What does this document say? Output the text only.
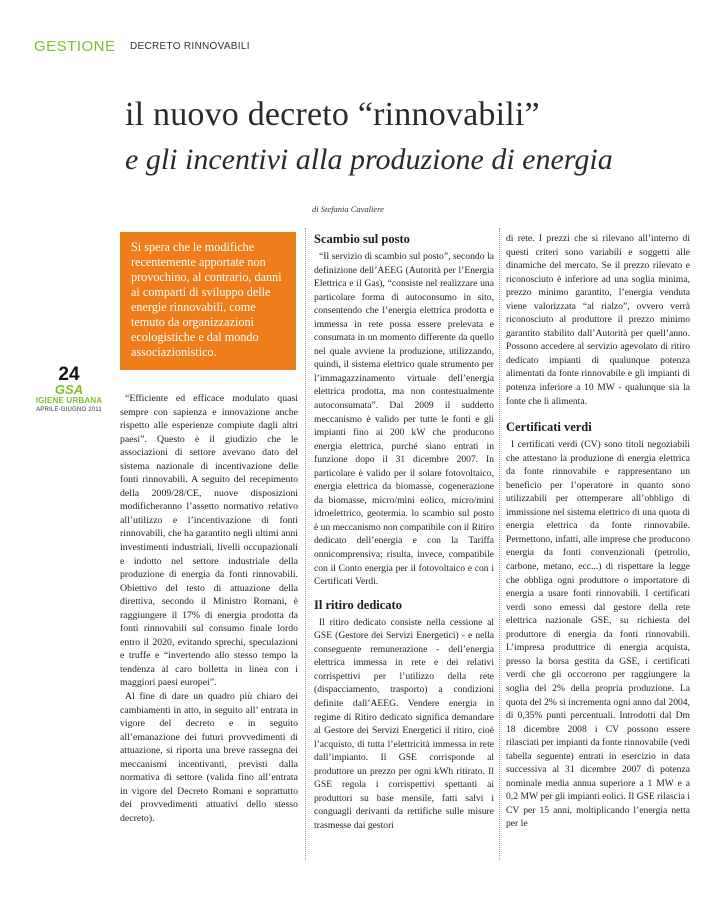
GESTIONE DECRETO RINNOVABILI
il nuovo decreto “rinnovabili”
e gli incentivi alla produzione di energia
di Stefania Cavaliere

Si spera che le modifiche recentemente apportate non provochino, al contrario, danni ai comparti di sviluppo delle energie rinnovabili, come temuto da organizzazioni ecologistiche e dal mondo associazionistico.

24
GSA
IGIENE URBANA
APRILE-GIUGNO 2011

“Efficiente ed efficace modulato quasi sempre con sapienza e innovazione anche rispetto alle esperienze compiute dagli altri paesi”. Questo è il giudizio che le associazioni di settore avevano dato del sistema nazionale di incentivazione delle fonti rinnovabili. A seguito del recepimento della 2009/28/CE, nuove disposizioni modificheranno l’assetto normativo relativo all’utilizzo e l’incentivazione di fonti rinnovabili, che ha garantito negli ultimi anni investimenti industriali, livelli occupazionali e indotto nel settore industriale della produzione di energia da fonti rinnovabili. Obiettivo del testo di attuazione della direttiva, secondo il Ministro Romani, è raggiungere il 17% di energia prodotta da fonti rinnovabili sul consumo finale lordo entro il 2020, evitando sprechi, speculazioni e truffe e “invertendo allo stesso tempo la tendenza al caro bolletta in linea con i maggiori paesi europei”.

Al fine di dare un quadro più chiaro dei cambiamenti in atto, in seguito all’ entrata in vigore del decreto e in seguito all’emanazione dei futuri provvedimenti di attuazione, si riporta una breve rassegna dei meccanismi incentivanti, previsti dalla normativa di settore (valida fino all’entrata in vigore del Decreto Romani e soprattutto dei provvedimenti attuativi dello stesso decreto).

Scambio sul posto

“Il servizio di scambio sul posto”, secondo la definizione dell’AEEG (Autorità per l’Energia Elettrica e il Gas), “consiste nel realizzare una particolare forma di autoconsumo in sito, consentendo che l’energia elettrica prodotta e immessa in rete possa essere prelevata e consumata in un momento differente da quello nel quale avviene la produzione, utilizzando, quindi, il sistema elettrico quale strumento per l’immagazzinamento virtuale dell’energia elettrica prodotta, ma non contestualmente autoconsumata”. Dal 2009 il suddetto meccanismo è valido per tutte le fonti e gli impianti fino ai 200 kW che producono energia elettrica, purché siano entrati in funzione dopo il 31 dicembre 2007. In particolare è valido per il solare fotovoltaico, energia elettrica da biomasse, cogenerazione da biomasse, micro/mini eolico, micro/mini idroelettrico, geotermia. lo scambio sul posto è un meccanismo non compatibile con il Ritiro dedicato dell’energia e con la Tariffa onnicomprensiva; risulta, invece, compatibile con il Conto energia per il fotovoltaico e con i Certificati Verdi.

Il ritiro dedicato

Il ritiro dedicato consiste nella cessione al GSE (Gestore dei Servizi Energetici) - e nella conseguente remunerazione - dell’energia elettrica immessa in rete e dei relativi corrispettivi per l’utilizzo della rete (dispacciamento, trasporto) a condizioni definite dall’AEEG. Vendere energia in regime di Ritiro dedicato significa demandare al Gestore dei Servizi Energetici il ritiro, cioè l’acquisto, di tutta l’elettricità immessa in rete dall’impianto. Il GSE corrisponde al produttore un prezzo per ogni kWh ritirato. Il GSE regola i corrispettivi spettanti ai produttori su base mensile, fatti salvi i conguagli derivanti da rettifiche sulle misure trasmesse dai gestori

di rete. I prezzi che si rilevano all’interno di questi criteri sono variabili e soggetti alle dinamiche del mercato. Se il prezzo rilevato e riconosciuto è inferiore ad una soglia minima, prezzo minimo garantito, l’energia venduta viene valorizzata “al rialzo”, ovvero verrà riconosciuto al produttore il prezzo minimo garantito stabilito dall’Autorità per quell’anno. Possono accedere al servizio agevolato di ritiro dedicato impianti di qualunque potenza alimentati da fonte rinnovabile e gli impianti di potenza inferiore a 10 MW - qualunque sia la fonte che li alimenta.

Certificati verdi

I certificati verdi (CV) sono titoli negoziabili che attestano la produzione di energia elettrica da fonte rinnovabile e rappresentano un beneficio per l’operatore in quanto sono utilizzabili per ottemperare all’obbligo di immissione nel sistema elettrico di una quota di energia elettrica da fonte rinnovabile. Permettono, infatti, alle imprese che producono energia da fonti convenzionali (petrolio, carbone, metano, ecc...) di rispettare la legge che obbliga ogni produttore o importatore di energia a usare fonti rinnovabili. I certificati verdi sono emessi dal gestore della rete elettrica nazionale GSE, su richiesta del produttore di energia da fonti rinnovabili. L’impresa produttrice di energia acquista, presso la borsa gestita da GSE, i certificati verdi che gli occorrono per raggiungere la soglia del 2% della propria produzione. La quota del 2% si incrementa ogni anno dal 2004, di 0,35% punti percentuali. Introdotti dal Dm 18 dicembre 2008 i CV possono essere rilasciati per impianti da fonte rinnovabile (vedi tabella seguente) entrati in esercizio in data successiva al 31 dicembre 2007 di potenza nominale media annua superiore a 1 MW e a 0,2 MW per gli impianti eolici. Il GSE rilascia i CV per 15 anni, moltiplicando l’energia netta per le
